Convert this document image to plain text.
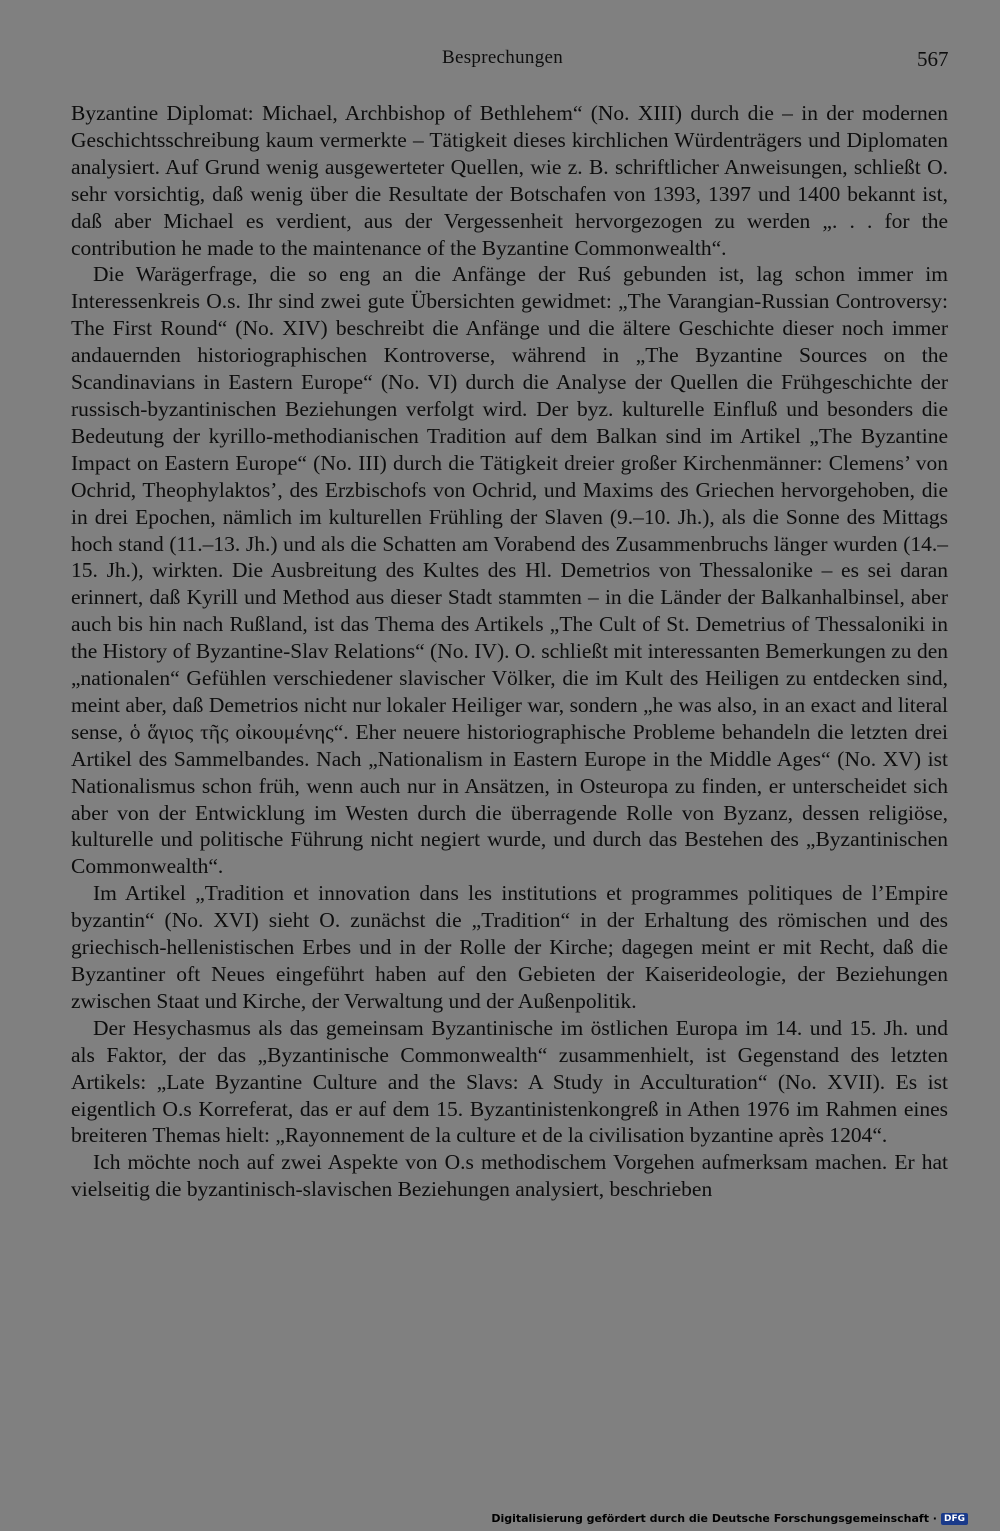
Besprechungen	567

Byzantine Diplomat: Michael, Archbishop of Bethlehem“ (No. XIII) durch die – in der modernen Geschichtsschreibung kaum vermerkte – Tätigkeit dieses kirchlichen Würdenträgers und Diplomaten analysiert. Auf Grund wenig ausgewerteter Quellen, wie z. B. schriftlicher Anweisungen, schließt O. sehr vorsichtig, daß wenig über die Resultate der Botschafen von 1393, 1397 und 1400 bekannt ist, daß aber Michael es verdient, aus der Vergessenheit hervorgezogen zu werden „. . . for the contribution he made to the maintenance of the Byzantine Commonwealth“.

Die Warägerfrage, die so eng an die Anfänge der Ruś gebunden ist, lag schon immer im Interessenkreis O.s. Ihr sind zwei gute Übersichten gewidmet: „The Varangian-Russian Controversy: The First Round“ (No. XIV) beschreibt die Anfänge und die ältere Geschichte dieser noch immer andauernden historiographischen Kontroverse, während in „The Byzantine Sources on the Scandinavians in Eastern Europe“ (No. VI) durch die Analyse der Quellen die Frühgeschichte der russisch-byzantinischen Beziehungen verfolgt wird. Der byz. kulturelle Einfluß und besonders die Bedeutung der kyrillo-methodianischen Tradition auf dem Balkan sind im Artikel „The Byzantine Impact on Eastern Europe“ (No. III) durch die Tätigkeit dreier großer Kirchenmänner: Clemens’ von Ochrid, Theophylaktos’, des Erzbischofs von Ochrid, und Maxims des Griechen hervorgehoben, die in drei Epochen, nämlich im kulturellen Frühling der Slaven (9.–10. Jh.), als die Sonne des Mittags hoch stand (11.–13. Jh.) und als die Schatten am Vorabend des Zusammenbruchs länger wurden (14.–15. Jh.), wirkten. Die Ausbreitung des Kultes des Hl. Demetrios von Thessalonike – es sei daran erinnert, daß Kyrill und Method aus dieser Stadt stammten – in die Länder der Balkanhalbinsel, aber auch bis hin nach Rußland, ist das Thema des Artikels „The Cult of St. Demetrius of Thessaloniki in the History of Byzantine-Slav Relations“ (No. IV). O. schließt mit interessanten Bemerkungen zu den „nationalen“ Gefühlen verschiedener slavischer Völker, die im Kult des Heiligen zu entdecken sind, meint aber, daß Demetrios nicht nur lokaler Heiliger war, sondern „he was also, in an exact and literal sense, ὁ ἅγιος τῆς οἰκουμένης“. Eher neuere historiographische Probleme behandeln die letzten drei Artikel des Sammelbandes. Nach „Nationalism in Eastern Europe in the Middle Ages“ (No. XV) ist Nationalismus schon früh, wenn auch nur in Ansätzen, in Osteuropa zu finden, er unterscheidet sich aber von der Entwicklung im Westen durch die überragende Rolle von Byzanz, dessen religiöse, kulturelle und politische Führung nicht negiert wurde, und durch das Bestehen des „Byzantinischen Commonwealth“.

Im Artikel „Tradition et innovation dans les institutions et programmes politiques de l’Empire byzantin“ (No. XVI) sieht O. zunächst die „Tradition“ in der Erhaltung des römischen und des griechisch-hellenistischen Erbes und in der Rolle der Kirche; dagegen meint er mit Recht, daß die Byzantiner oft Neues eingeführt haben auf den Gebieten der Kaiserideologie, der Beziehungen zwischen Staat und Kirche, der Verwaltung und der Außenpolitik.

Der Hesychasmus als das gemeinsam Byzantinische im östlichen Europa im 14. und 15. Jh. und als Faktor, der das „Byzantinische Commonwealth“ zusammenhielt, ist Gegenstand des letzten Artikels: „Late Byzantine Culture and the Slavs: A Study in Acculturation“ (No. XVII). Es ist eigentlich O.s Korreferat, das er auf dem 15. Byzantinistenkongreß in Athen 1976 im Rahmen eines breiteren Themas hielt: „Rayonnement de la culture et de la civilisation byzantine après 1204“.

Ich möchte noch auf zwei Aspekte von O.s methodischem Vorgehen aufmerksam machen. Er hat vielseitig die byzantinisch-slavischen Beziehungen analysiert, beschrieben

Digitalisierung gefördert durch die Deutsche Forschungsgemeinschaft · DFG
